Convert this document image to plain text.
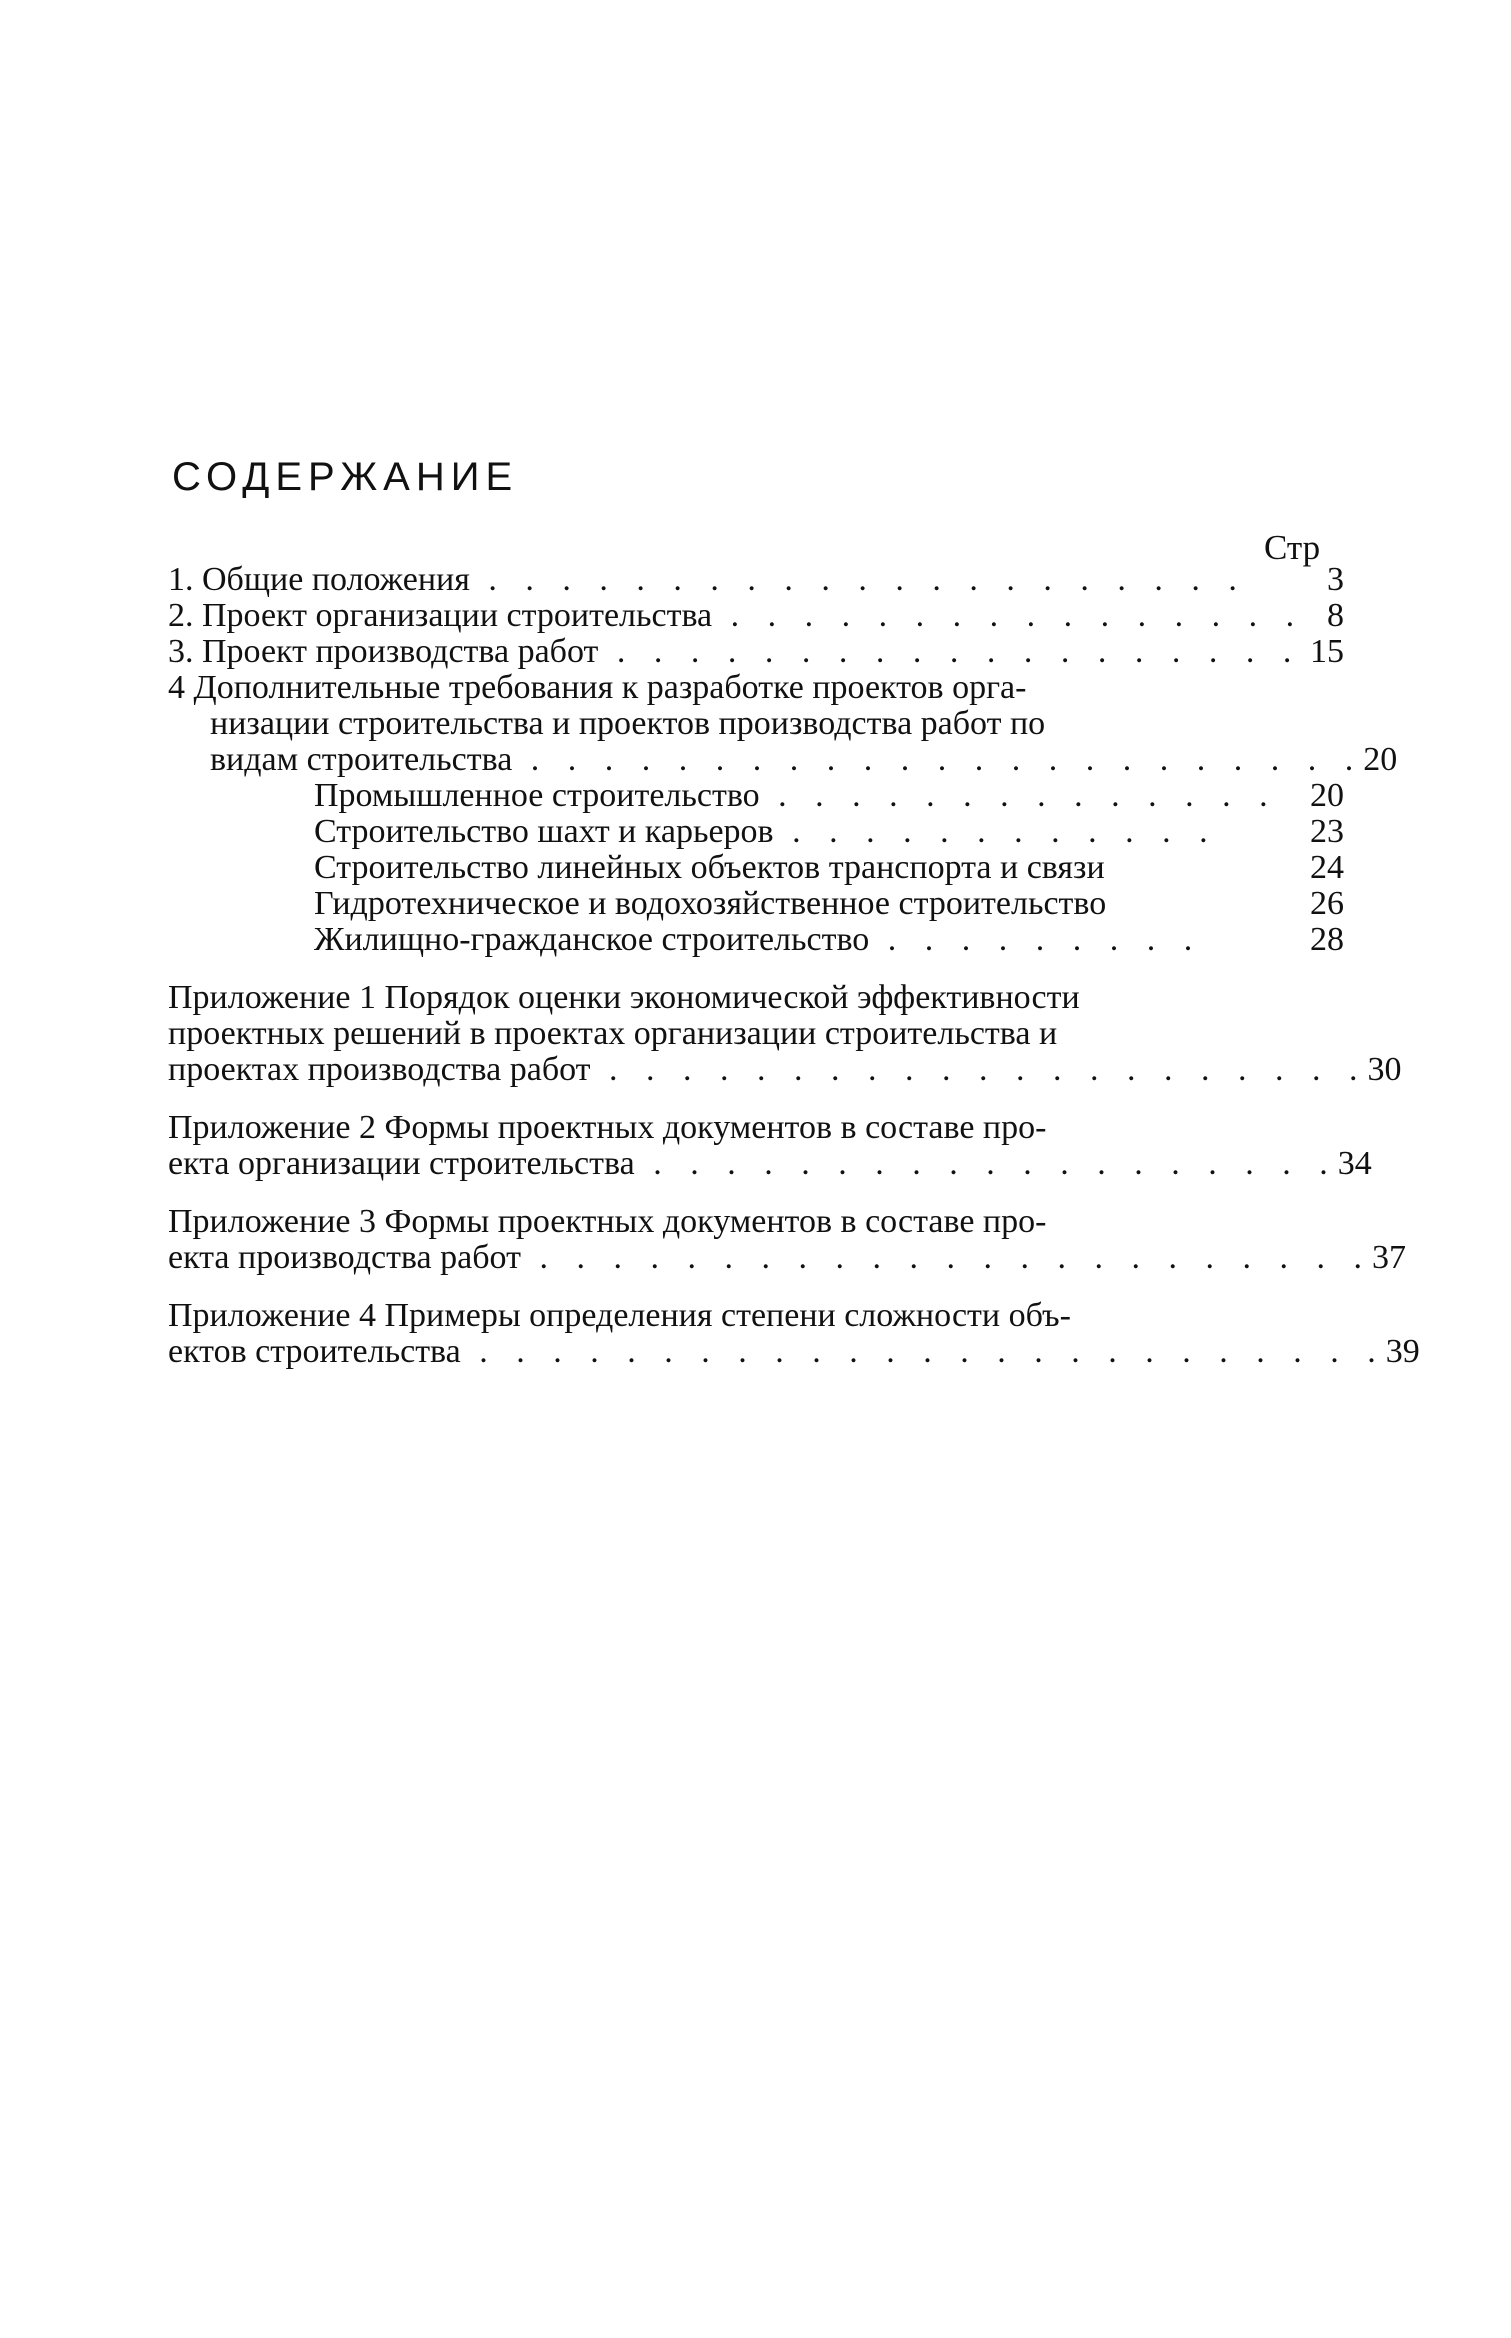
СОДЕРЖАНИЕ
Стр
1. Общие положения . . . . . . . . . . . . . . . . . . . . .	3
2. Проект организации строительства . . . . . . . . . . . . . . . . 8
3. Проект производства работ . . . . . . . . . . . . . . . . . . . 15
4 Дополнительные требования к разработке проектов орга-
низации строительства и проектов производства работ по
видам строительства . . . . . . . . . . . . . . . . . . . . . . . 20
Промышленное строительство . . . . . . . . . . . . . . 20
Строительство шахт и карьеров . . . . . . . . . . . .	23
Строительство линейных объектов транспорта и связи	24
Гидротехническое и водохозяйственное строительство	26
Жилищно-гражданское строительство . . . . . . . . .	28
Приложение 1 Порядок оценки экономической эффективности
проектных решений в проектах организации строительства и
проектах производства работ . . . . . . . . . . . . . . . . . . . . . 30
Приложение 2 Формы проектных документов в составе про-
екта организации строительства . . . . . . . . . . . . . . . . . . . 34
Приложение 3 Формы проектных документов в составе про-
екта производства работ . . . . . . . . . . . . . . . . . . . . . . . 37
Приложение 4 Примеры определения степени сложности объ-
ектов строительства . . . . . . . . . . . . . . . . . . . . . . . . . 39
